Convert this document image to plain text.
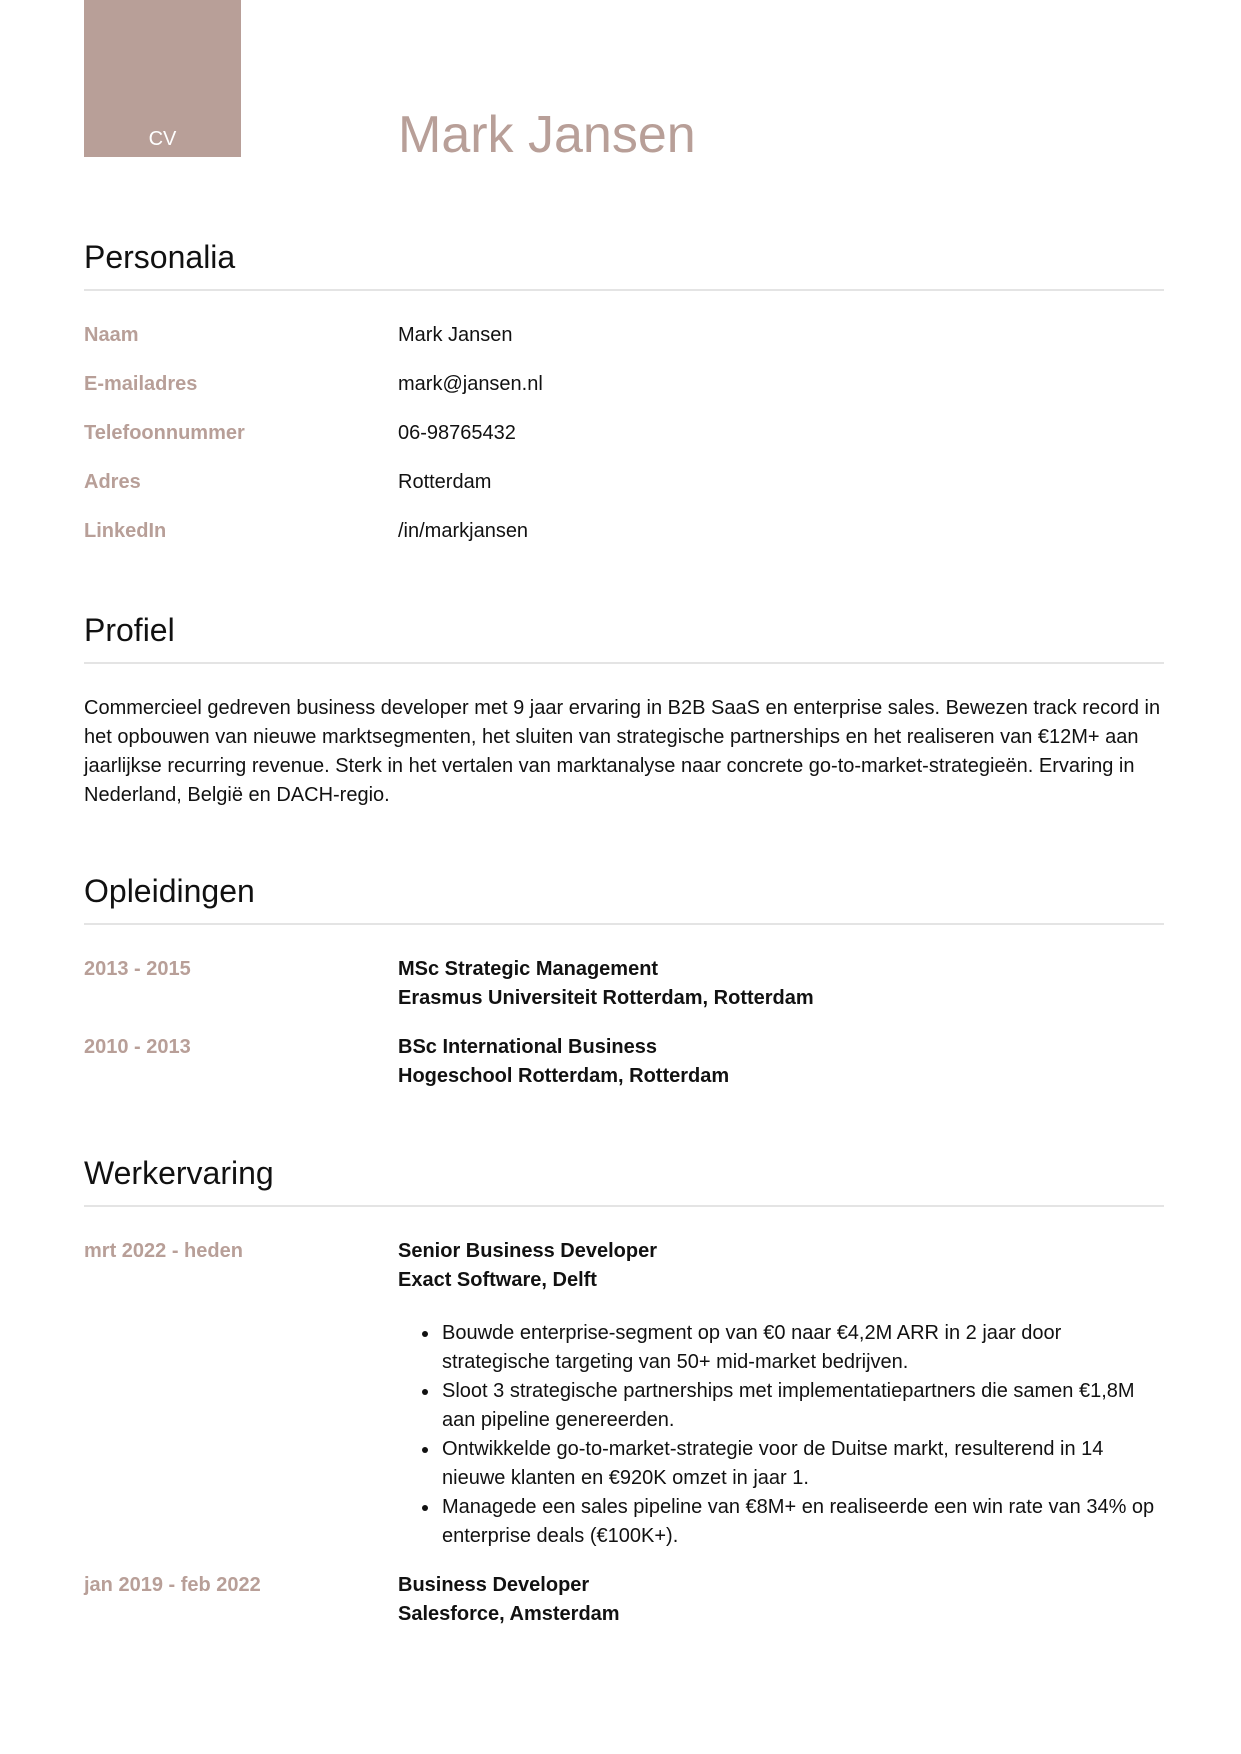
CV	Mark Jansen
Personalia
Naam	Mark Jansen
E-mailadres	mark@jansen.nl
Telefoonnummer	06-98765432
Adres	Rotterdam
LinkedIn	/in/markjansen
Profiel

Commercieel gedreven business developer met 9 jaar ervaring in B2B SaaS en enterprise sales. Bewezen track record in het opbouwen van nieuwe marktsegmenten, het sluiten van strategische partnerships en het realiseren van €12M+ aan jaarlijkse recurring revenue. Sterk in het vertalen van marktanalyse naar concrete go-to-market-strategieën. Ervaring in Nederland, België en DACH-regio.

Opleidingen
2013 - 2015	MSc Strategic Management
Erasmus Universiteit Rotterdam, Rotterdam
2010 - 2013	BSc International Business
Hogeschool Rotterdam, Rotterdam
Werkervaring
mrt 2022 - heden	Senior Business Developer
Exact Software, Delft
• Bouwde enterprise-segment op van €0 naar €4,2M ARR in 2 jaar door strategische targeting van 50+ mid-market bedrijven.
• Sloot 3 strategische partnerships met implementatiepartners die samen €1,8M aan pipeline genereerden.
• Ontwikkelde go-to-market-strategie voor de Duitse markt, resulterend in 14 nieuwe klanten en €920K omzet in jaar 1.
• Managede een sales pipeline van €8M+ en realiseerde een win rate van 34% op enterprise deals (€100K+).
jan 2019 - feb 2022	Business Developer
Salesforce, Amsterdam
